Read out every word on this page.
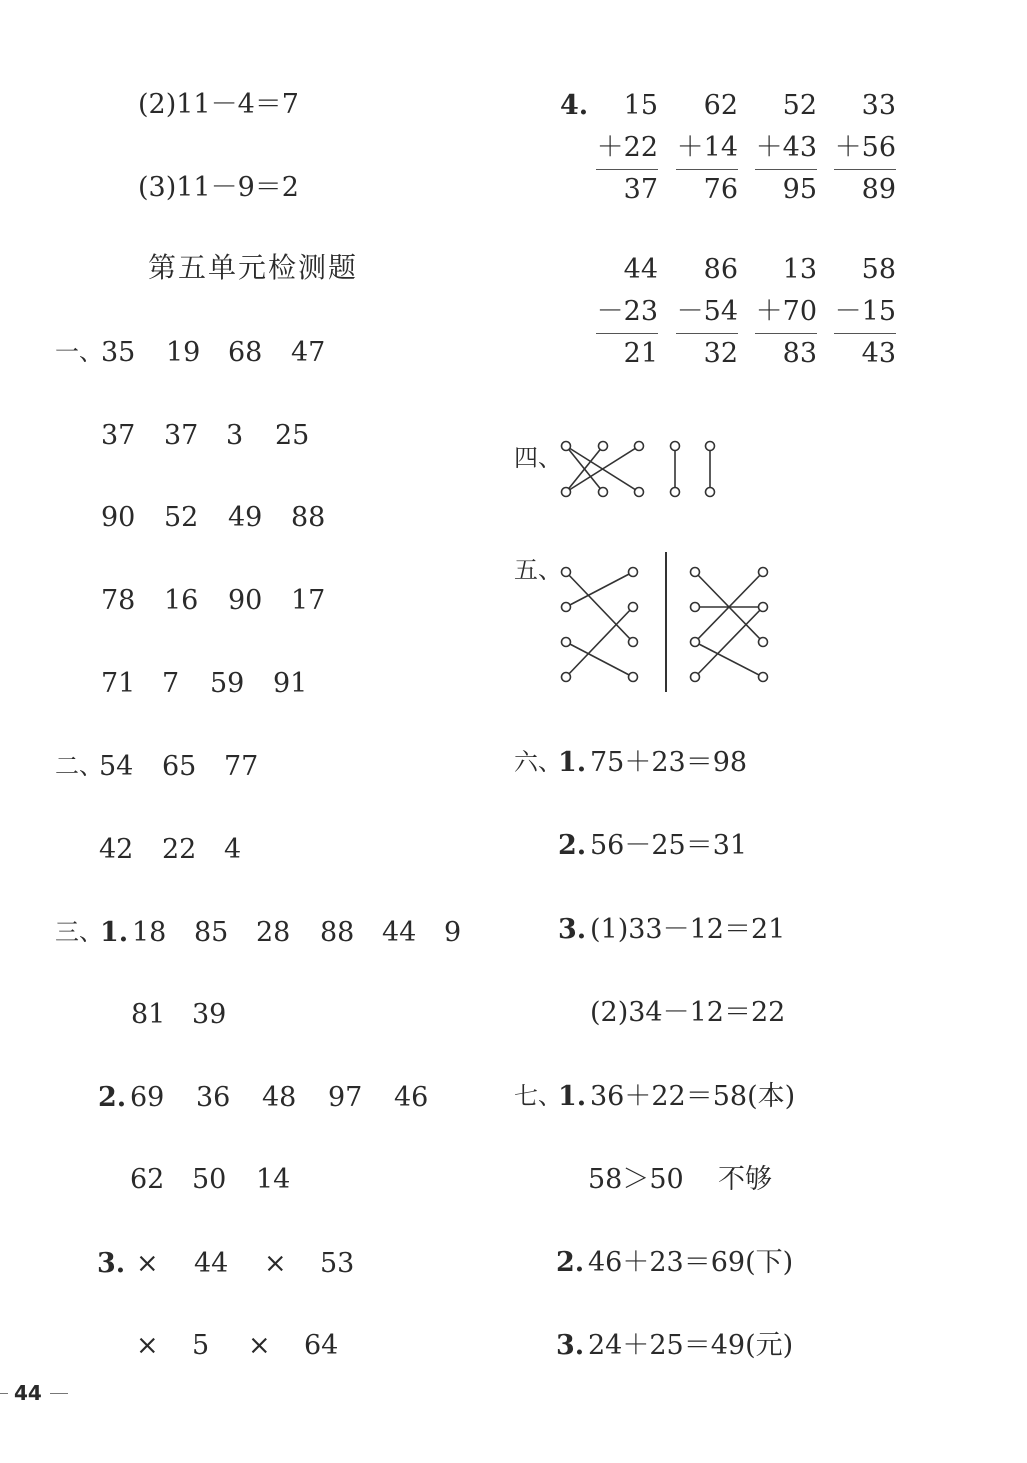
(2)11－4＝7
(3)11－9＝2
第五单元检测题
一、
35 19 68 47
37 37 3 25
90 52 49 88
78 16 90 17
71 7 59 91
二、
54 65 77
42 22 4
三、
1.
2.
3.
18 85 28 88 44 9
81 39
69 36 48 97 46
62 50 14
× 44 × 53
× 5 × 64
4.	15
＋22
37
62
＋14
76
52
＋43
95
33
＋56
89
44
－23
21
86
－54
32
13
＋70
83
58
－15
43
四、
五、
六、
1. 75＋23＝98
2. 56－25＝31
3. (1)33－12＝21
(2)34－12＝22
七、
1. 36＋22＝58(本)
58＞50 不够
2. 46＋23＝69(下)
3. 24＋25＝49(元)
44
